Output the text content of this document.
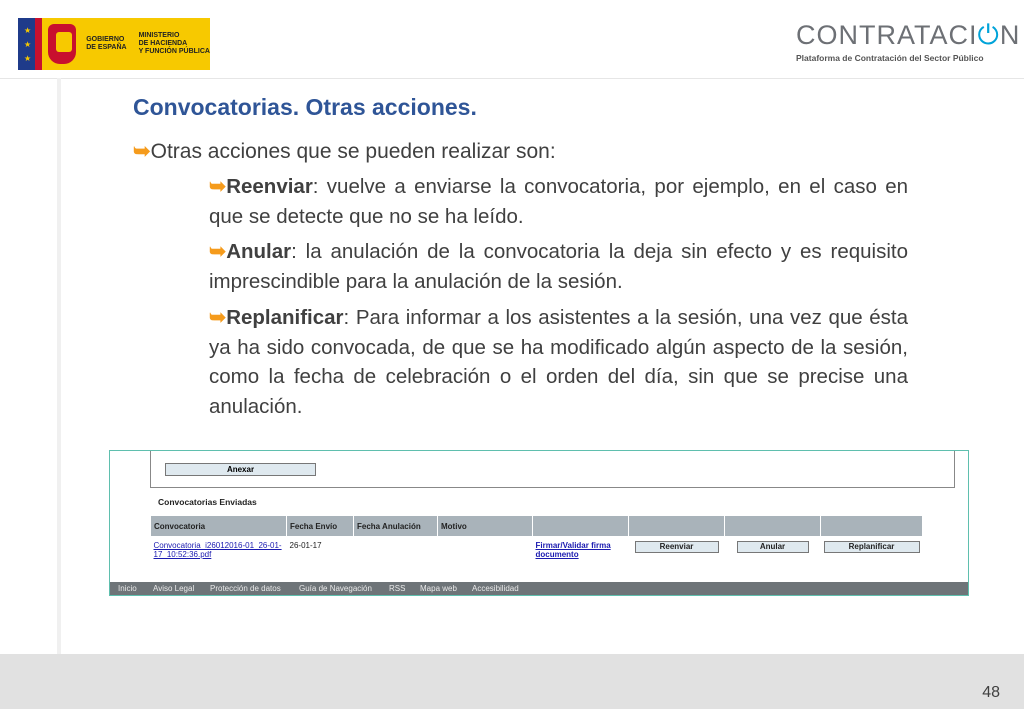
★
★
★
GOBIERNO
DE ESPAÑA
MINISTERIO
DE HACIENDA
Y FUNCIÓN PÚBLICA
CONTRATACI⏻N
Plataforma de Contratación del Sector Público
Convocatorias. Otras acciones.
➥Otras acciones que se pueden realizar son:
➥Reenviar: vuelve a enviarse la convocatoria, por ejemplo, en el caso en que se detecte que no se ha leído.
➥Anular: la anulación de la convocatoria la deja sin efecto y es requisito imprescindible para la anulación de la sesión.
➥Replanificar: Para informar a los asistentes a la sesión, una vez que ésta ya ha sido convocada, de que se ha modificado algún aspecto de la sesión, como la fecha de celebración o el orden del día, sin que se precise una anulación.
Anexar
Convocatorias Enviadas
Convocatoria	Fecha Envío	Fecha Anulación	Motivo				
Convocatoria_i26012016-01_26-01-17_10:52:36.pdf	26-01-17			Firmar/Validar firma documento	Reenviar	Anular	Replanificar
Inicio Aviso Legal Protección de datos Guía de Navegación RSS Mapa web Accesibilidad
48
